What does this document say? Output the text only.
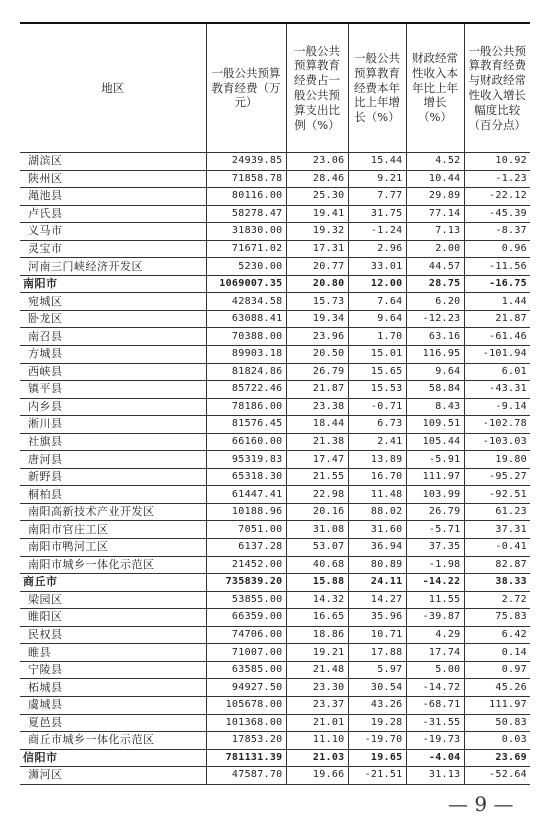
地区	一般公共预算教育经费（万元）	一般公共预算教育经费占一般公共预算支出比例（%）	一般公共预算教育经费本年比上年增长（%）	财政经常性收入本年比上年增长（%）	一般公共预算教育经费与财政经常性收入增长幅度比较（百分点）
湖滨区	24939.85	23.06	15.44	4.52	10.92
陕州区	71858.78	28.46	9.21	10.44	-1.23
渑池县	80116.00	25.30	7.77	29.89	-22.12
卢氏县	58278.47	19.41	31.75	77.14	-45.39
义马市	31830.00	19.32	-1.24	7.13	-8.37
灵宝市	71671.02	17.31	2.96	2.00	0.96
河南三门峡经济开发区	5230.00	20.77	33.01	44.57	-11.56
南阳市	1069007.35	20.80	12.00	28.75	-16.75
宛城区	42834.58	15.73	7.64	6.20	1.44
卧龙区	63088.41	19.34	9.64	-12.23	21.87
南召县	70388.00	23.96	1.70	63.16	-61.46
方城县	89903.18	20.50	15.01	116.95	-101.94
西峡县	81824.86	26.79	15.65	9.64	6.01
镇平县	85722.46	21.87	15.53	58.84	-43.31
内乡县	78186.00	23.38	-0.71	8.43	-9.14
淅川县	81576.45	18.44	6.73	109.51	-102.78
社旗县	66160.00	21.38	2.41	105.44	-103.03
唐河县	95319.83	17.47	13.89	-5.91	19.80
新野县	65318.30	21.55	16.70	111.97	-95.27
桐柏县	61447.41	22.98	11.48	103.99	-92.51
南阳高新技术产业开发区	10188.96	20.16	88.02	26.79	61.23
南阳市官庄工区	7051.00	31.08	31.60	-5.71	37.31
南阳市鸭河工区	6137.28	53.07	36.94	37.35	-0.41
南阳市城乡一体化示范区	21452.00	40.68	80.89	-1.98	82.87
商丘市	735839.20	15.88	24.11	-14.22	38.33
梁园区	53855.00	14.32	14.27	11.55	2.72
睢阳区	66359.00	16.65	35.96	-39.87	75.83
民权县	74706.00	18.86	10.71	4.29	6.42
睢县	71007.00	19.21	17.88	17.74	0.14
宁陵县	63585.00	21.48	5.97	5.00	0.97
柘城县	94927.50	23.30	30.54	-14.72	45.26
虞城县	105678.00	23.37	43.26	-68.71	111.97
夏邑县	101368.00	21.01	19.28	-31.55	50.83
商丘市城乡一体化示范区	17853.20	11.10	-19.70	-19.73	0.03
信阳市	781131.39	21.03	19.65	-4.04	23.69
浉河区	47587.70	19.66	-21.51	31.13	-52.64
— 9 —
